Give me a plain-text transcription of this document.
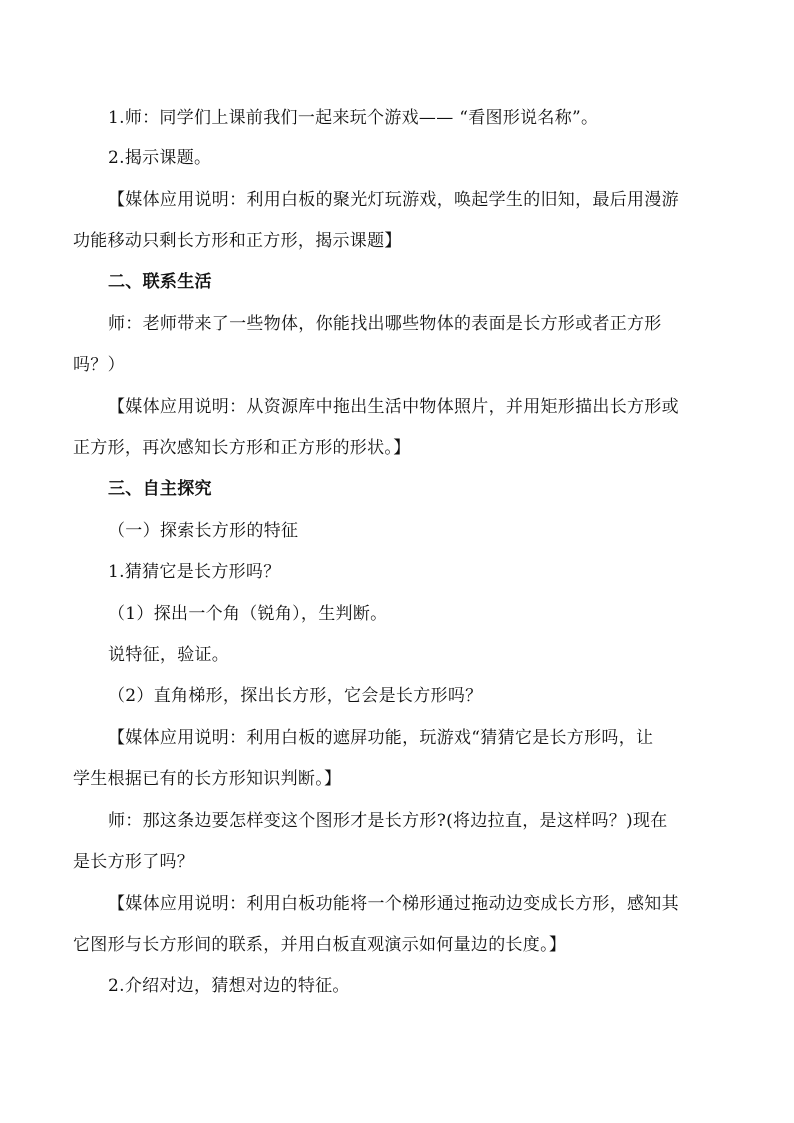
1.师：同学们上课前我们一起来玩个游戏—— “看图形说名称”。
2.揭示课题。
【媒体应用说明：利用白板的聚光灯玩游戏，唤起学生的旧知，最后用漫游
功能移动只剩长方形和正方形，揭示课题】
二、联系生活
师：老师带来了一些物体，你能找出哪些物体的表面是长方形或者正方形
吗？）
【媒体应用说明：从资源库中拖出生活中物体照片，并用矩形描出长方形或
正方形，再次感知长方形和正方形的形状。】
三、自主探究
（一）探索长方形的特征
1.猜猜它是长方形吗？
（1）探出一个角（锐角），生判断。
说特征，验证。
（2）直角梯形，探出长方形，它会是长方形吗？
【媒体应用说明：利用白板的遮屏功能，玩游戏“猜猜它是长方形吗，让
学生根据已有的长方形知识判断。】
师：那这条边要怎样变这个图形才是长方形?(将边拉直，是这样吗？)现在
是长方形了吗？
【媒体应用说明：利用白板功能将一个梯形通过拖动边变成长方形，感知其
它图形与长方形间的联系，并用白板直观演示如何量边的长度。】
2.介绍对边，猜想对边的特征。
